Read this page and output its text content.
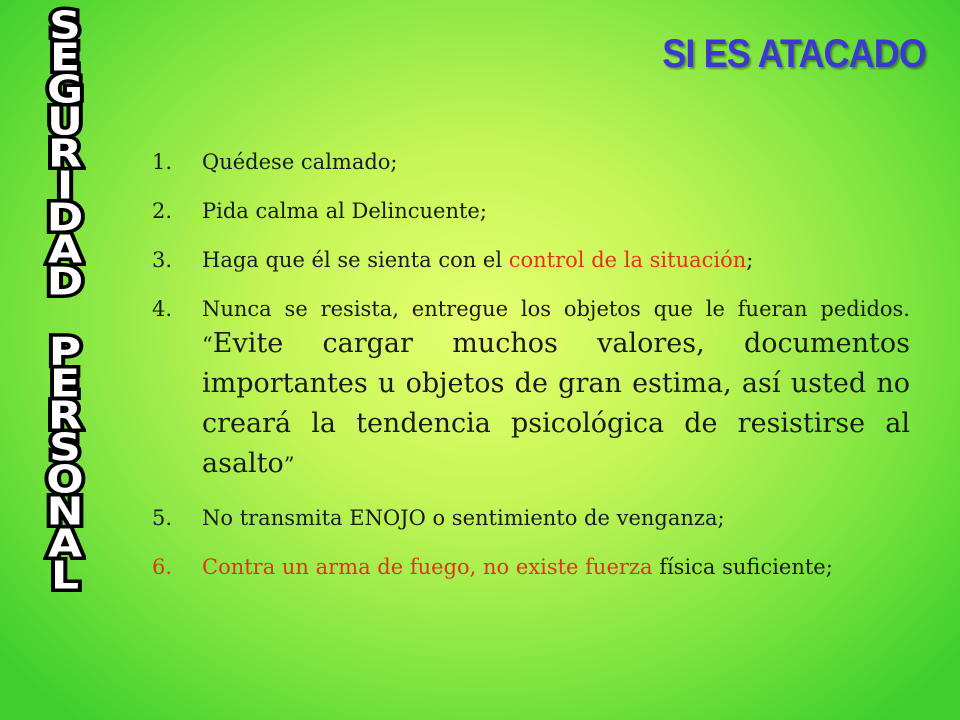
S
E
G
U
R
I
D
A
D
P
E
R
S
O
N
A
L
SI ES ATACADO
1.	Quédese calmado;
2.	Pida calma al Delincuente;
3.	Haga que él se sienta con el control de la situación;
4.	Nunca se resista, entregue los objetos que le fueran pedidos. “Evite cargar muchos valores, documentos importantes u objetos de gran estima, así usted no creará la tendencia psicológica de resistirse al asalto”
5.	No transmita ENOJO o sentimiento de venganza;
6.	Contra un arma de fuego, no existe fuerza física suficiente;
